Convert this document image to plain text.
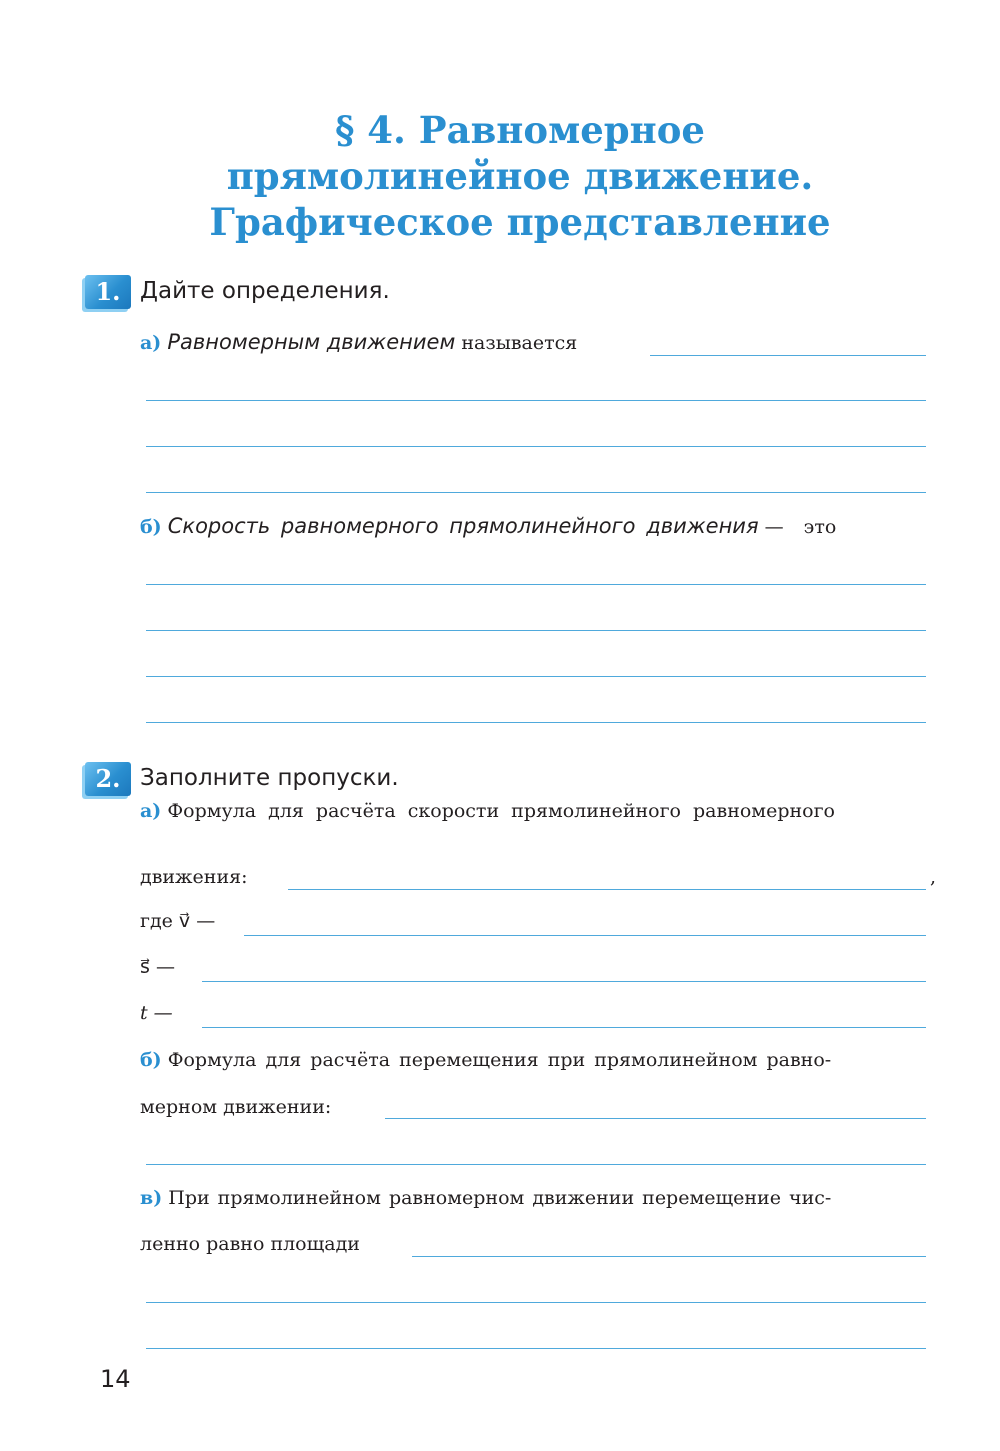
§ 4. Равномерное
прямолинейное движение.
Графическое представление
1. Дайте определения.
а) Равномерным движением называется
б) Скорость равномерного прямолинейного движения — это
2. Заполните пропуски.
а) Формула для расчёта скорости прямолинейного равномерного
движения:	,
где v⃗ —
s⃗ —
t —
б) Формула для расчёта перемещения при прямолинейном равно-
мерном движении:
в) При прямолинейном равномерном движении перемещение чис-
ленно равно площади
14
